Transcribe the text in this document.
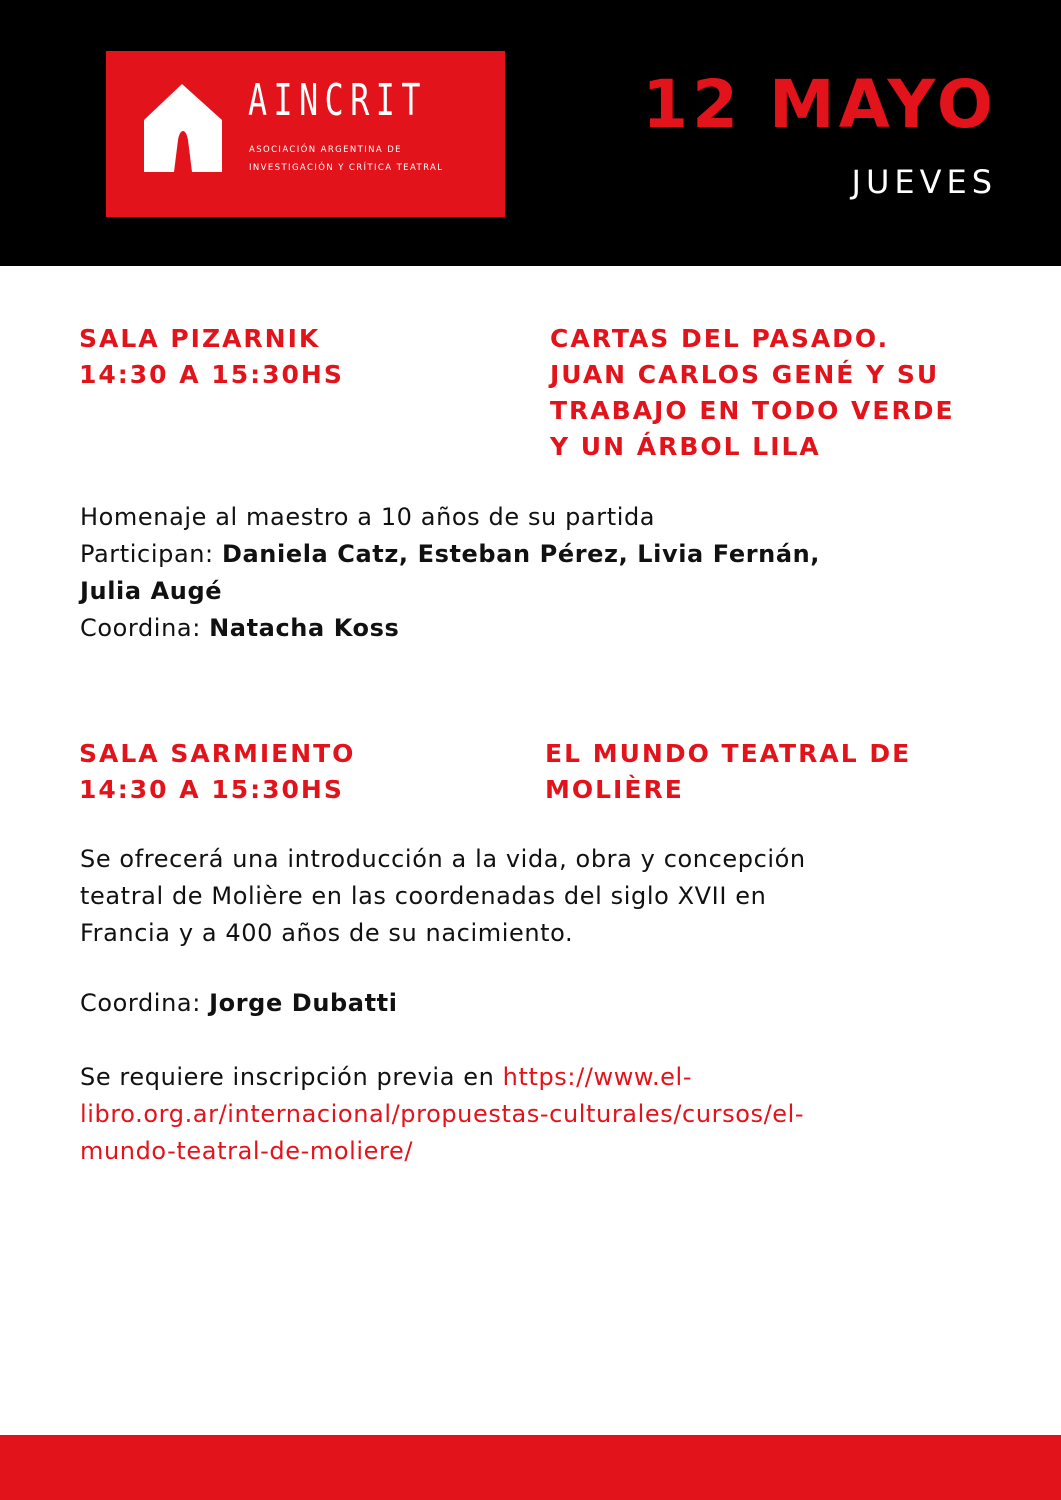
AINCRIT
ASOCIACIÓN ARGENTINA DE
INVESTIGACIÓN Y CRÍTICA TEATRAL
12 MAYO
JUEVES
SALA PIZARNIK
14:30 A 15:30HS
CARTAS DEL PASADO.
JUAN CARLOS GENÉ Y SU
TRABAJO EN TODO VERDE
Y UN ÁRBOL LILA
Homenaje al maestro a 10 años de su partida
Participan: Daniela Catz, Esteban Pérez, Livia Fernán,
Julia Augé
Coordina: Natacha Koss
SALA SARMIENTO
14:30 A 15:30HS
EL MUNDO TEATRAL DE
MOLIÈRE
Se ofrecerá una introducción a la vida, obra y concepción
teatral de Molière en las coordenadas del siglo XVII en
Francia y a 400 años de su nacimiento.
Coordina: Jorge Dubatti
Se requiere inscripción previa en https://www.el-
libro.org.ar/internacional/propuestas-culturales/cursos/el-
mundo-teatral-de-moliere/
